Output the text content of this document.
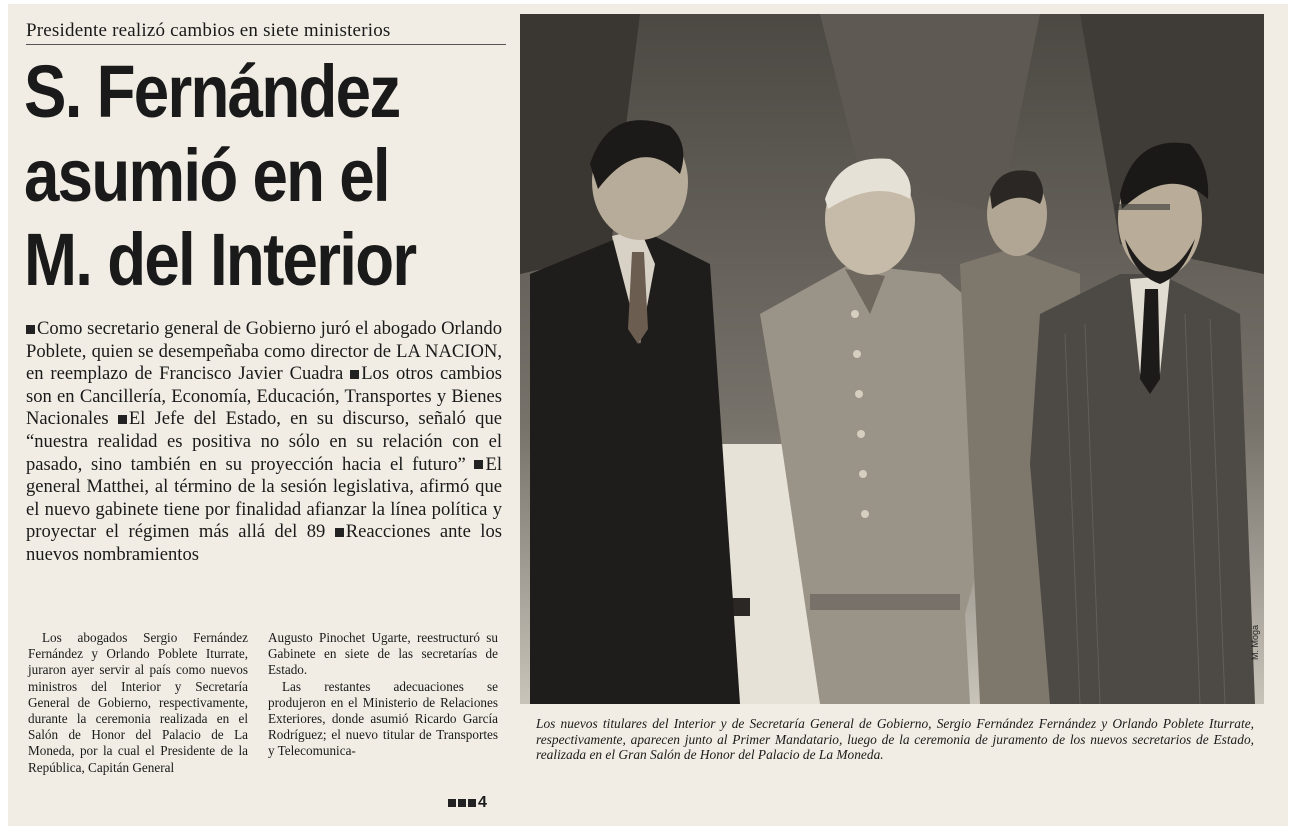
Presidente realizó cambios en siete ministerios
S. Fernández
asumió en el
M. del Interior
Como secretario general de Gobierno juró el abogado Orlando Poblete, quien se desempeñaba como director de LA NACION, en reemplazo de Francisco Javier Cuadra Los otros cambios son en Cancillería, Economía, Educación, Transportes y Bienes Nacionales El Jefe del Estado, en su discurso, señaló que “nuestra realidad es positiva no sólo en su relación con el pasado, sino también en su proyección hacia el futuro” El general Matthei, al término de la sesión legislativa, afirmó que el nuevo gabinete tiene por finalidad afianzar la línea política y proyectar el régimen más allá del 89 Reacciones ante los nuevos nombramientos

Los abogados Sergio Fernández Fernández y Orlando Poblete Iturrate, juraron ayer servir al país como nuevos ministros del Interior y Secretaría General de Gobierno, respectivamente, durante la ceremonia realizada en el Salón de Honor del Palacio de La Moneda, por la cual el Presidente de la República, Capitán General

Augusto Pinochet Ugarte, reestructuró su Gabinete en siete de las secretarías de Estado.

Las restantes adecuaciones se produjeron en el Ministerio de Relaciones Exteriores, donde asumió Ricardo García Rodríguez; el nuevo titular de Transportes y Telecomunica-

4
M. Moga
Los nuevos titulares del Interior y de Secretaría General de Gobierno, Sergio Fernández Fernández y Orlando Poblete Iturrate, respectivamente, aparecen junto al Primer Mandatario, luego de la ceremonia de juramento de los nuevos secretarios de Estado, realizada en el Gran Salón de Honor del Palacio de La Moneda.
